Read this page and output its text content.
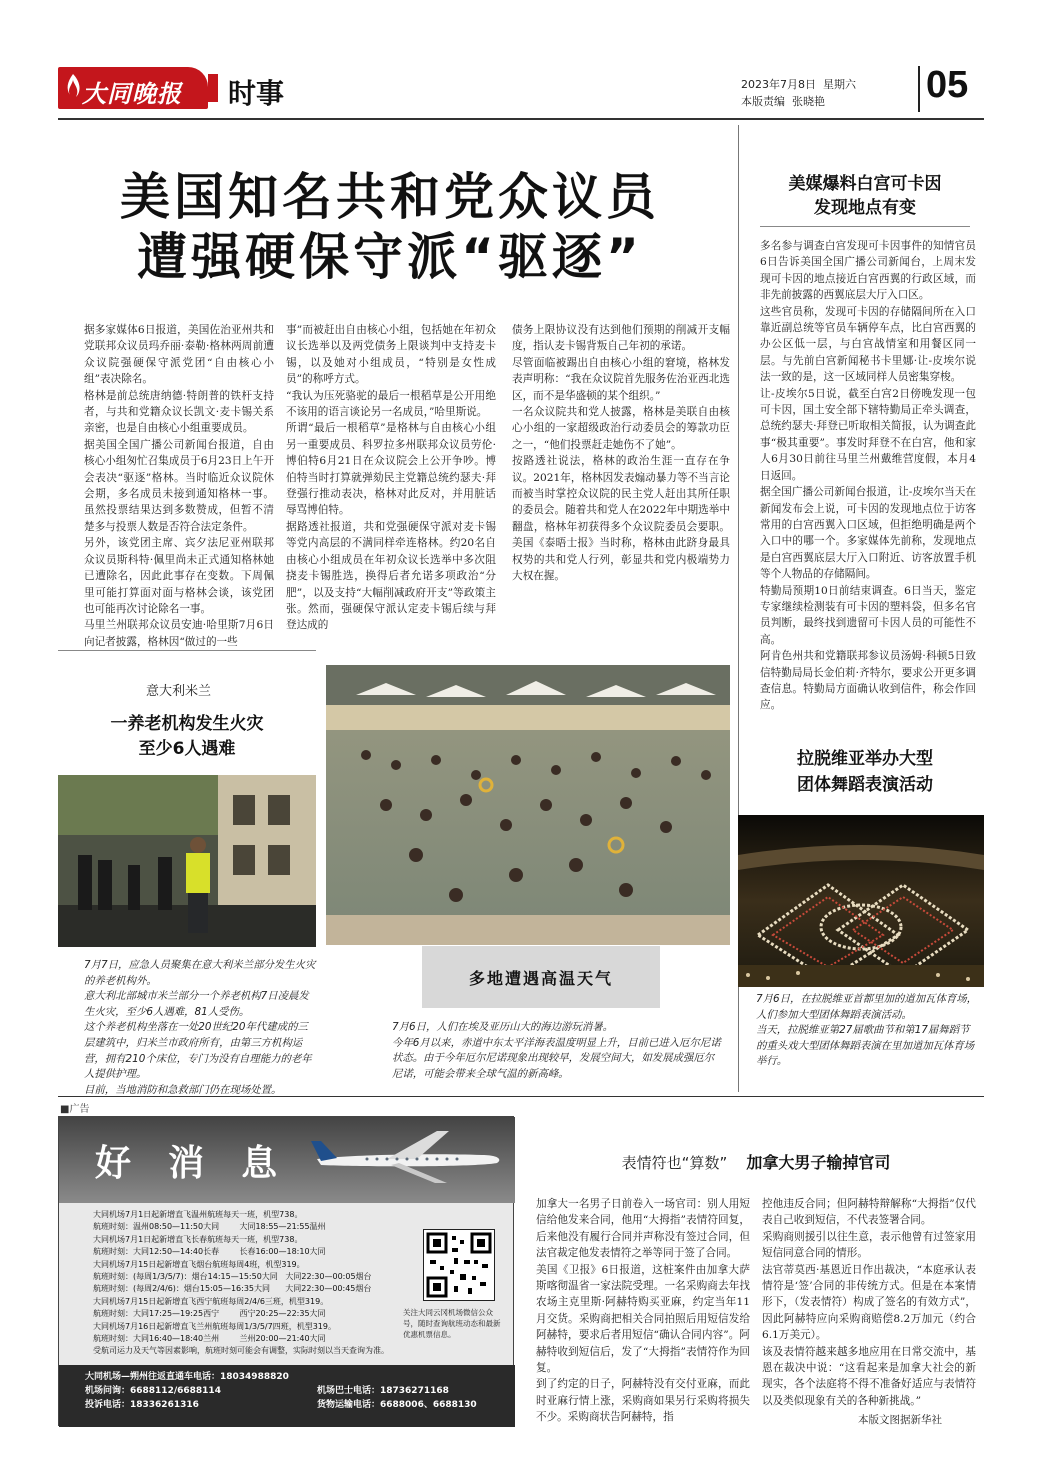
大同晚报 时事	2023年7月8日  星期六
本版责编  张晓艳	05
美国知名共和党众议员
遭强硬保守派“驱逐”
据多家媒体6日报道，美国佐治亚州共和党联邦众议员玛乔丽·泰勒·格林两周前遭众议院强硬保守派党团“自由核心小组”表决除名。
格林是前总统唐纳德·特朗普的铁杆支持者，与共和党籍众议长凯文·麦卡锡关系亲密，也是自由核心小组重要成员。
据美国全国广播公司新闻台报道，自由核心小组匆忙召集成员于6月23日上午开会表决“驱逐”格林。当时临近众议院休会期，多名成员未接到通知格林一事。虽然投票结果达到多数赞成，但暂不清楚多与投票人数是否符合法定条件。
另外，该党团主席、宾夕法尼亚州联邦众议员斯科特·佩里尚未正式通知格林她已遭除名，因此此事存在变数。下周佩里可能打算面对面与格林会谈，该党团也可能再次讨论除名一事。
马里兰州联邦众议员安迪·哈里斯7月6日向记者披露，格林因“做过的一些
事”而被赶出自由核心小组，包括她在年初众议长选举以及两党债务上限谈判中支持麦卡锡，以及她对小组成员，“特别是女性成员”的称呼方式。
“我认为压死骆驼的最后一根稻草是公开用绝不该用的语言谈论另一名成员，”哈里斯说。
所谓“最后一根稻草”是格林与自由核心小组另一重要成员、科罗拉多州联邦众议员劳伦·博伯特6月21日在众议院会上公开争吵。博伯特当时打算就弹劾民主党籍总统约瑟夫·拜登强行推动表决，格林对此反对，并用脏话辱骂博伯特。
据路透社报道，共和党强硬保守派对麦卡锡等党内高层的不满同样牵连格林。约20名自由核心小组成员在年初众议长选举中多次阻挠麦卡锡胜选，换得后者允诺多项政治“分肥”，以及支持“大幅削减政府开支”等政策主张。然而，强硬保守派认定麦卡锡后续与拜登达成的
债务上限协议没有达到他们预期的削减开支幅度，指认麦卡锡背叛自己年初的承诺。
尽管面临被踢出自由核心小组的窘境，格林发表声明称：“我在众议院首先服务佐治亚西北选区，而不是华盛顿的某个组织。”
一名众议院共和党人披露，格林是美联自由核心小组的一家超级政治行动委员会的筹款功臣之一，“他们投票赶走她伤不了她”。
按路透社说法，格林的政治生涯一直存在争议。2021年，格林因发表煽动暴力等不当言论而被当时掌控众议院的民主党人赶出其所任职的委员会。随着共和党人在2022年中期选举中翻盘，格林年初获得多个众议院委员会要职。美国《泰晤士报》当时称，格林由此跻身最具权势的共和党人行列，彰显共和党内极端势力大权在握。
美媒爆料白宫可卡因
发现地点有变
多名参与调查白宫发现可卡因事件的知情官员6日告诉美国全国广播公司新闻台，上周末发现可卡因的地点接近白宫西翼的行政区域，而非先前披露的西翼底层大厅入口区。
这些官员称，发现可卡因的存储隔间所在入口靠近副总统等官员车辆停车点，比白宫西翼的办公区低一层，与白宫战情室和用餐区同一层。与先前白宫新闻秘书卡里娜·让-皮埃尔说法一致的是，这一区域同样人员密集穿梭。
让-皮埃尔5日说，截至白宫2日傍晚发现一包可卡因，国土安全部下辖特勤局正牵头调查，总统约瑟夫·拜登已听取相关简报，认为调查此事“极其重要”。事发时拜登不在白宫，他和家人6月30日前往马里兰州戴维营度假，本月4日返回。
据全国广播公司新闻台报道，让-皮埃尔当天在新闻发布会上说，可卡因的发现地点位于访客常用的白宫西翼入口区域，但拒绝明确是两个入口中的哪一个。多家媒体先前称，发现地点是白宫西翼底层大厅入口附近、访客放置手机等个人物品的存储隔间。
特勤局预期10日前结束调查。6日当天，鉴定专家继续检测装有可卡因的塑料袋，但多名官员判断，最终找到遗留可卡因人员的可能性不高。
阿肯色州共和党籍联邦参议员汤姆·科顿5日致信特勤局局长金伯莉·齐特尔，要求公开更多调查信息。特勤局方面确认收到信件，称会作回应。
拉脱维亚举办大型
团体舞蹈表演活动
7月6日，在拉脱维亚首都里加的道加瓦体育场，人们参加大型团体舞蹈表演活动。
当天，拉脱维亚第27届歌曲节和第17届舞蹈节的重头戏大型团体舞蹈表演在里加道加瓦体育场举行。
意大利米兰
一养老机构发生火灾
至少6人遇难
7月7日，应急人员聚集在意大利米兰部分发生火灾的养老机构外。
意大利北部城市米兰部分一个养老机构7日凌晨发生火灾，至少6人遇难，81人受伤。
这个养老机构坐落在一处20世纪20年代建成的三层建筑中，归米兰市政府所有，由第三方机构运营，拥有210个床位，专门为没有自理能力的老年人提供护理。
目前，当地消防和急救部门仍在现场处置。
多地遭遇高温天气
7月6日，人们在埃及亚历山大的海边游玩消暑。
今年6月以来，赤道中东太平洋海表温度明显上升，目前已进入厄尔尼诺状态。由于今年厄尔尼诺现象出现较早，发展空间大，如发展成强厄尔尼诺，可能会带来全球气温的新高峰。
■广告
好  消  息
大同机场7月1日起新增直飞温州航班每天一班，机型738。
航班时刻：温州08:50—11:50大同        大同18:55—21:55温州
大同机场7月1日起新增直飞长春航班每天一班，机型738。
航班时刻：大同12:50—14:40长春        长春16:00—18:10大同
大同机场7月15日起新增直飞烟台航班每周4班，机型319。
航班时刻：(每周1/3/5/7)：烟台14:15—15:50大同   大同22:30—00:05烟台
航班时刻：(每周2/4/6)：烟台15:05—16:35大同      大同22:30—00:45烟台
大同机场7月15日起新增直飞西宁航班每周2/4/6三班，机型319。
航班时刻：大同17:25—19:25西宁        西宁20:25—22:35大同
大同机场7月16日起新增直飞兰州航班每周1/3/5/7四班，机型319。
航班时刻：大同16:40—18:40兰州        兰州20:00—21:40大同
受航司运力及天气等因素影响，航班时刻可能会有调整，实际时刻以当天查询为准。
关注大同云冈机场微信公众号，随时查询航班动态和最新优惠机票信息。
大同机场—朔州往返直通车电话：18034988820
机场问询：6688112/6688114	机场巴士电话：18736271168
投诉电话：18336261316	货物运输电话：6688006、6688130
表情符也“算数” 加拿大男子输掉官司
加拿大一名男子日前卷入一场官司：别人用短信给他发来合同，他用“大拇指”表情符回复，后来他没有履行合同并声称没有签过合同，但法官裁定他发表情符之举等同于签了合同。
美国《卫报》6日报道，这桩案件由加拿大萨斯喀彻温省一家法院受理。一名采购商去年找农场主克里斯·阿赫特购买亚麻，约定当年11月交货。采购商把相关合同拍照后用短信发给阿赫特，要求后者用短信“确认合同内容”。阿赫特收到短信后，发了“大拇指”表情符作为回复。
到了约定的日子，阿赫特没有交付亚麻，而此时亚麻行情上涨，采购商如果另行采购将损失不少。采购商状告阿赫特，指
控他违反合同；但阿赫特辩解称“大拇指”仅代表自己收到短信，不代表签署合同。
采购商则援引以往生意，表示他曾有过签家用短信同意合同的情形。
法官蒂莫西·基恩近日作出裁决，“本庭承认表情符是‘签’合同的非传统方式。但是在本案情形下，（发表情符）构成了签名的有效方式”，因此阿赫特应向采购商赔偿8.2万加元（约合6.1万美元）。
该及表情符越来越多地应用在日常交流中，基恩在裁决中说：“这看起来是加拿大社会的新现实，各个法庭将不得不准备好适应与表情符以及类似现象有关的各种新挑战。”
本版文图据新华社
